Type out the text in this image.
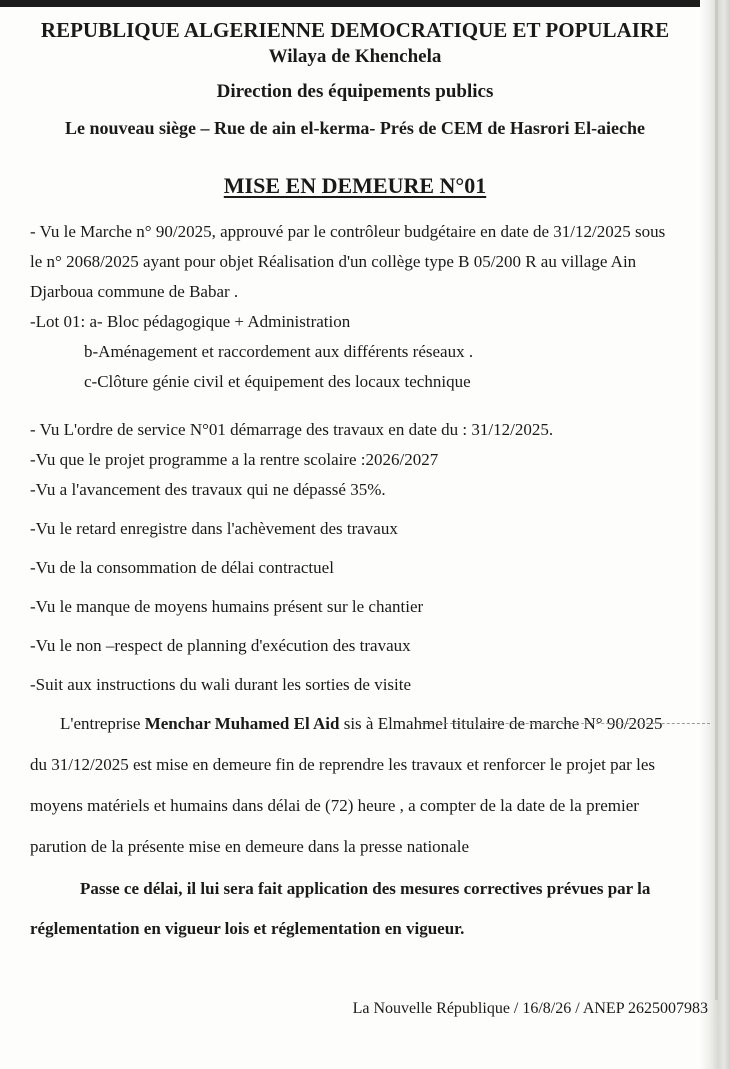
REPUBLIQUE ALGERIENNE DEMOCRATIQUE ET POPULAIRE
Wilaya de Khenchela
Direction des équipements publics
Le nouveau siège – Rue de ain el-kerma- Prés de CEM de Hasrori El-aieche
MISE EN DEMEURE N°01
- Vu le Marche n° 90/2025, approuvé par le contrôleur budgétaire en date de 31/12/2025 sous
le n° 2068/2025 ayant pour objet Réalisation d'un collège type B 05/200 R au village Ain
Djarboua commune de Babar .
-Lot 01: a- Bloc pédagogique + Administration
b-Aménagement et raccordement aux différents réseaux .
c-Clôture génie civil et équipement des locaux technique
- Vu L'ordre de service N°01 démarrage des travaux en date du : 31/12/2025.
-Vu que le projet programme a la rentre scolaire :2026/2027
-Vu a l'avancement des travaux qui ne dépassé 35%.
-Vu le retard enregistre dans l'achèvement des travaux
-Vu de la consommation de délai contractuel
-Vu le manque de moyens humains présent sur le chantier
-Vu le non –respect de planning d'exécution des travaux
-Suit aux instructions du wali durant les sorties de visite
L'entreprise Menchar Muhamed El Aid sis à Elmahmel titulaire de marche N° 90/2025
du 31/12/2025 est mise en demeure fin de reprendre les travaux et renforcer le projet par les
moyens matériels et humains dans délai de (72) heure , a compter de la date de la premier
parution de la présente mise en demeure dans la presse nationale
Passe ce délai, il lui sera fait application des mesures correctives prévues par la
réglementation en vigueur lois et réglementation en vigueur.
La Nouvelle République / 16/8/26 / ANEP 2625007983
